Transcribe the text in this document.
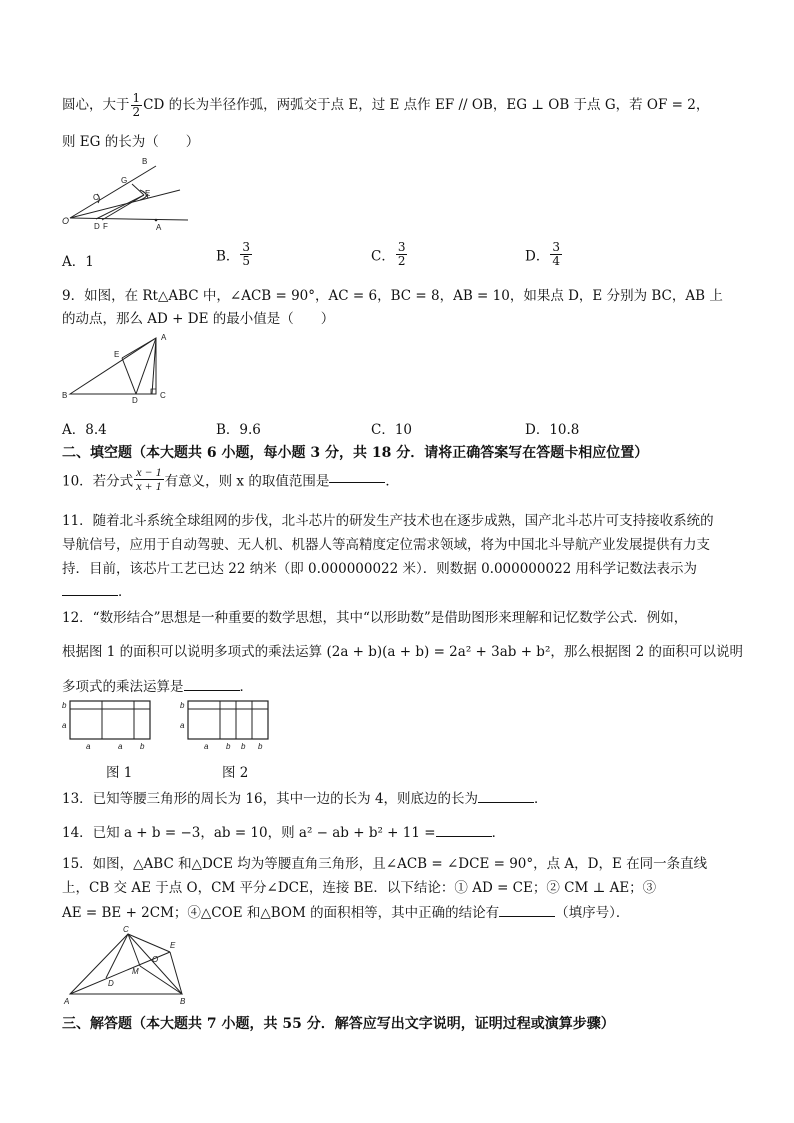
圆心，大于 $\frac{1}{2}$ CD 的长为半径作弧，两弧交于点 E，过 E 点作 EF // OB，EG ⊥ OB 于点 G，若 OF = 2，
则 EG 的长为（　　）
B
G
E
C
O
D F	A
A．1	B． $\frac{3}{5}$	C． $\frac{3}{2}$	D． $\frac{3}{4}$
9．如图，在 Rt△ABC 中，∠ACB = 90°，AC = 6，BC = 8，AB = 10，如果点 D，E 分别为 BC，AB 上
的动点，那么 AD + DE 的最小值是（　　）
A
E
B
D
C
A．8.4	B．9.6	C．10	D．10.8
二、填空题（本大题共 6 小题，每小题 3 分，共 18 分．请将正确答案写在答题卡相应位置）
10．若分式 $\frac{x - 1}{x + 1}$ 有意义，则 x 的取值范围是	．
11．随着北斗系统全球组网的步伐，北斗芯片的研发生产技术也在逐步成熟，国产北斗芯片可支持接收系统的
导航信号，应用于自动驾驶、无人机、机器人等高精度定位需求领域，将为中国北斗导航产业发展提供有力支
持．目前，该芯片工艺已达 22 纳米（即 0.000000022 米）．则数据 0.000000022 用科学记数法表示为
．
12．“数形结合”思想是一种重要的数学思想，其中“以形助数”是借助图形来理解和记忆数学公式．例如，
根据图 1 的面积可以说明多项式的乘法运算 (2a + b)(a + b) = 2a² + 3ab + b²，那么根据图 2 的面积可以说明
多项式的乘法运算是	．
b
a
a	a b
图 1
b
a
a b b b
图 2
13．已知等腰三角形的周长为 16，其中一边的长为 4，则底边的长为	．
14．已知 a + b = −3，ab = 10，则 a² − ab + b² + 11 =	．
15．如图，△ABC 和△DCE 均为等腰直角三角形，且∠ACB = ∠DCE = 90°，点 A，D，E 在同一条直线
上，CB 交 AE 于点 O，CM 平分∠DCE，连接 BE．以下结论：① AD = CE；② CM ⊥ AE；③
AE = BE + 2CM；④△COE 和△BOM 的面积相等，其中正确的结论有	（填序号）．
C
E
O
M
D
A	B
三、解答题（本大题共 7 小题，共 55 分．解答应写出文字说明，证明过程或演算步骤）
